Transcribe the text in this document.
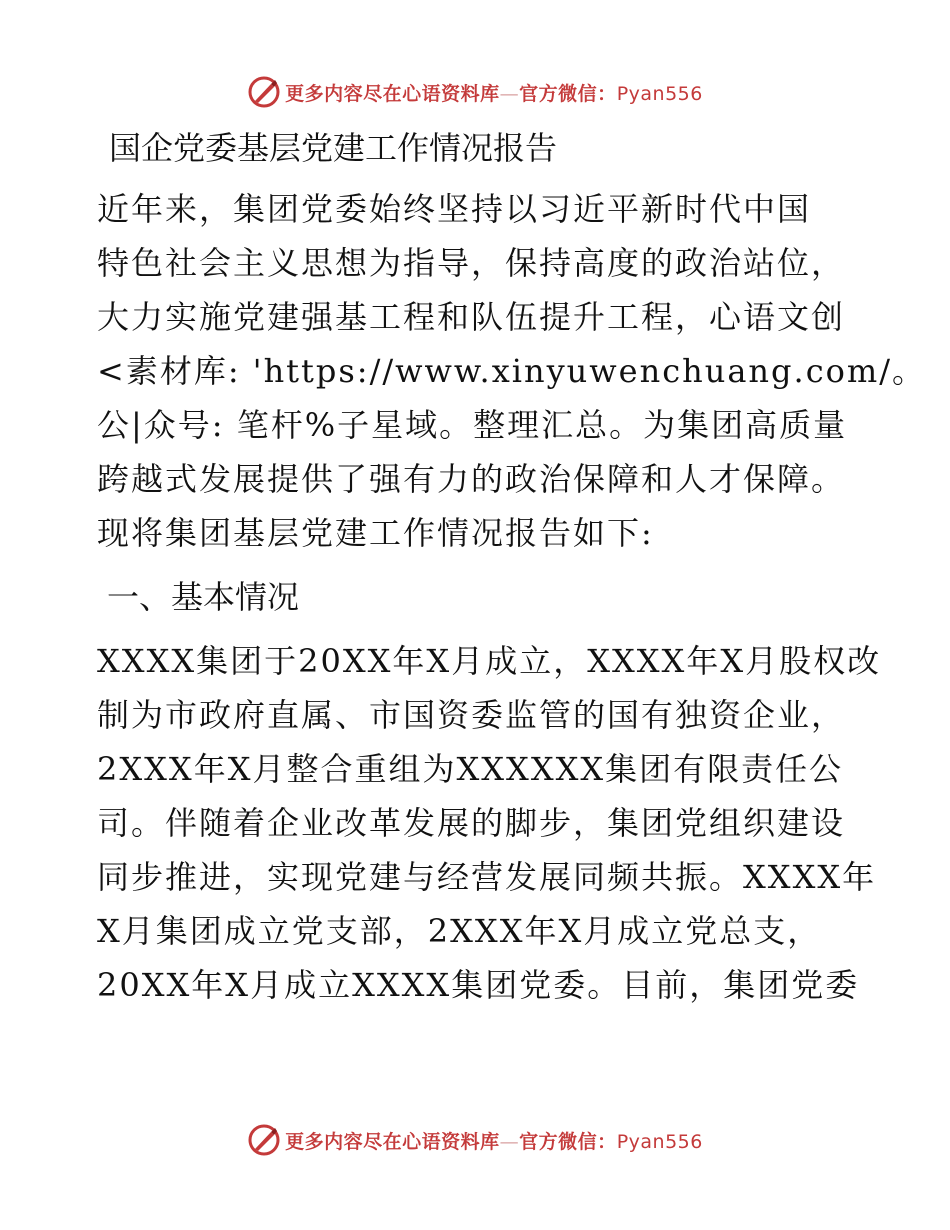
更多内容尽在心语资料库—官方微信：Pyan556
国企党委基层党建工作情况报告

近年来，集团党委始终坚持以习近平新时代中国
特色社会主义思想为指导，保持高度的政治站位，
大力实施党建强基工程和队伍提升工程，心语文创
<素材库: 'https://www.xinyuwenchuang.com/。
公|众号: 笔杆%子星域。整理汇总。为集团高质量
跨越式发展提供了强有力的政治保障和人才保障。
现将集团基层党建工作情况报告如下:

一、基本情况

XXXX集团于20XX年X月成立，XXXX年X月股权改
制为市政府直属、市国资委监管的国有独资企业，
2XXX年X月整合重组为XXXXXX集团有限责任公
司。伴随着企业改革发展的脚步，集团党组织建设
同步推进，实现党建与经营发展同频共振。XXXX年
X月集团成立党支部，2XXX年X月成立党总支，
20XX年X月成立XXXX集团党委。目前，集团党委

更多内容尽在心语资料库—官方微信：Pyan556
